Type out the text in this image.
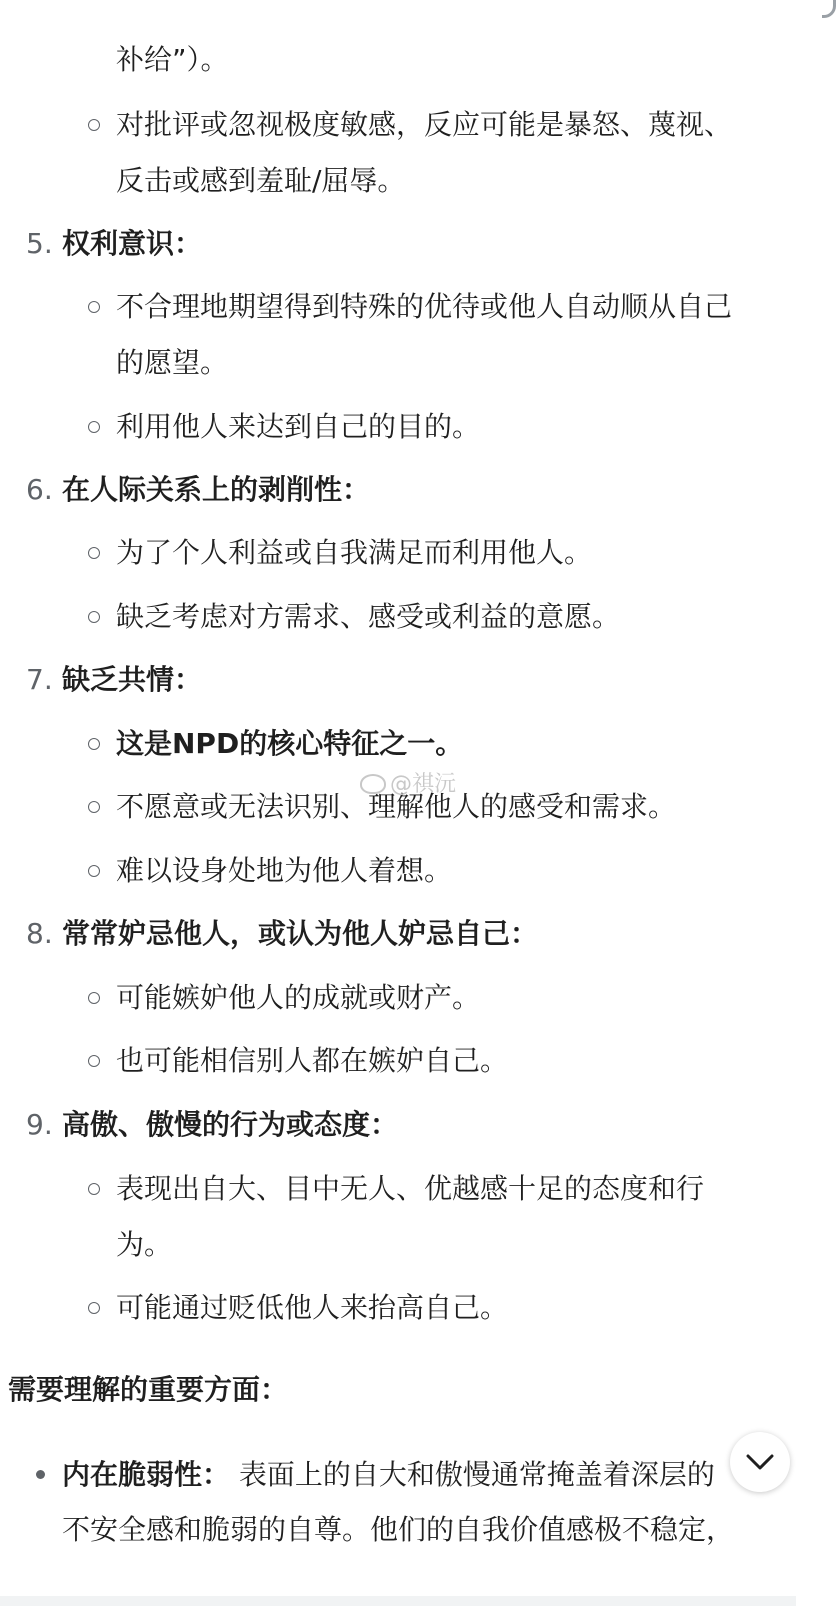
补给”）。
对批评或忽视极度敏感，反应可能是暴怒、蔑视、
反击或感到羞耻/屈辱。
5. 权利意识：
不合理地期望得到特殊的优待或他人自动顺从自己
的愿望。
利用他人来达到自己的目的。
6. 在人际关系上的剥削性：
为了个人利益或自我满足而利用他人。
缺乏考虑对方需求、感受或利益的意愿。
7. 缺乏共情：
这是NPD的核心特征之一。
不愿意或无法识别、理解他人的感受和需求。
难以设身处地为他人着想。
8. 常常妒忌他人，或认为他人妒忌自己：
可能嫉妒他人的成就或财产。
也可能相信别人都在嫉妒自己。
9. 高傲、傲慢的行为或态度：
表现出自大、目中无人、优越感十足的态度和行
为。
可能通过贬低他人来抬高自己。
需要理解的重要方面：
内在脆弱性： 表面上的自大和傲慢通常掩盖着深层的
不安全感和脆弱的自尊。他们的自我价值感极不稳定，
@祺沅
